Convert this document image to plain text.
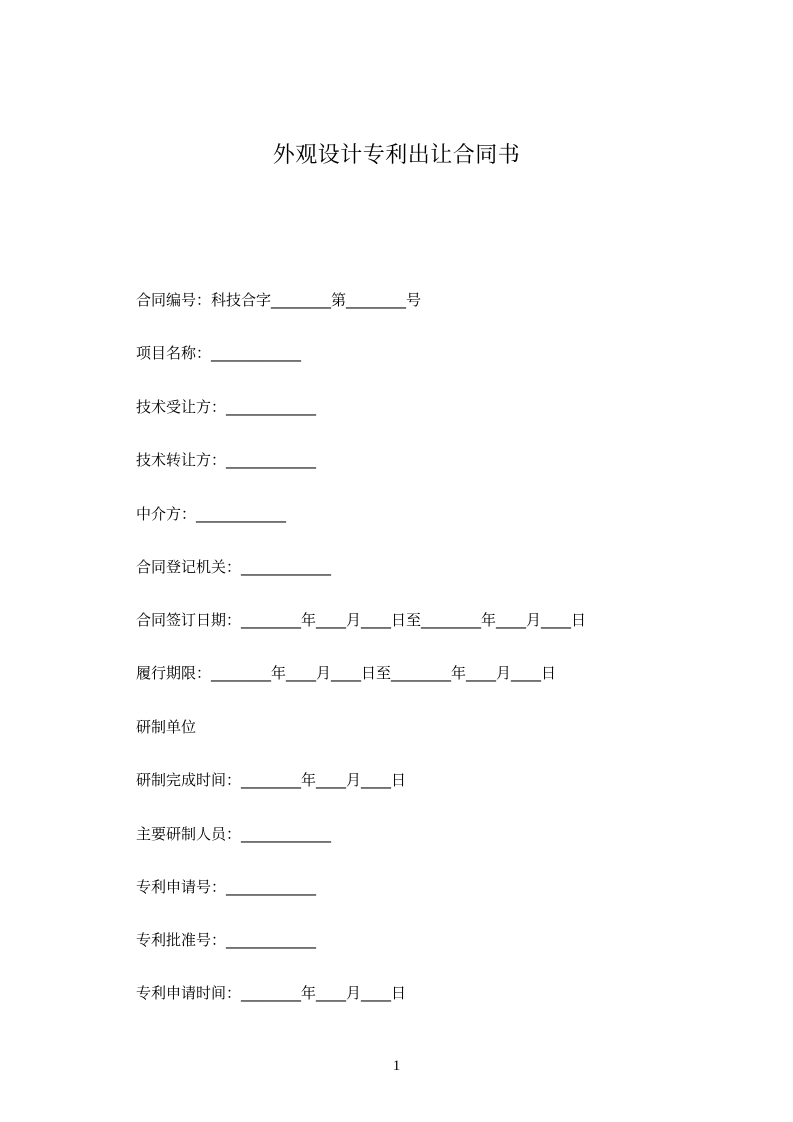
外观设计专利出让合同书
合同编号：科技合字________第________号
项目名称：____________
技术受让方：____________
技术转让方：____________
中介方：____________
合同登记机关：____________
合同签订日期：________年____月____日至________年____月____日
履行期限：________年____月____日至________年____月____日
研制单位
研制完成时间：________年____月____日
主要研制人员：____________
专利申请号：____________
专利批准号：____________
专利申请时间：________年____月____日
1
